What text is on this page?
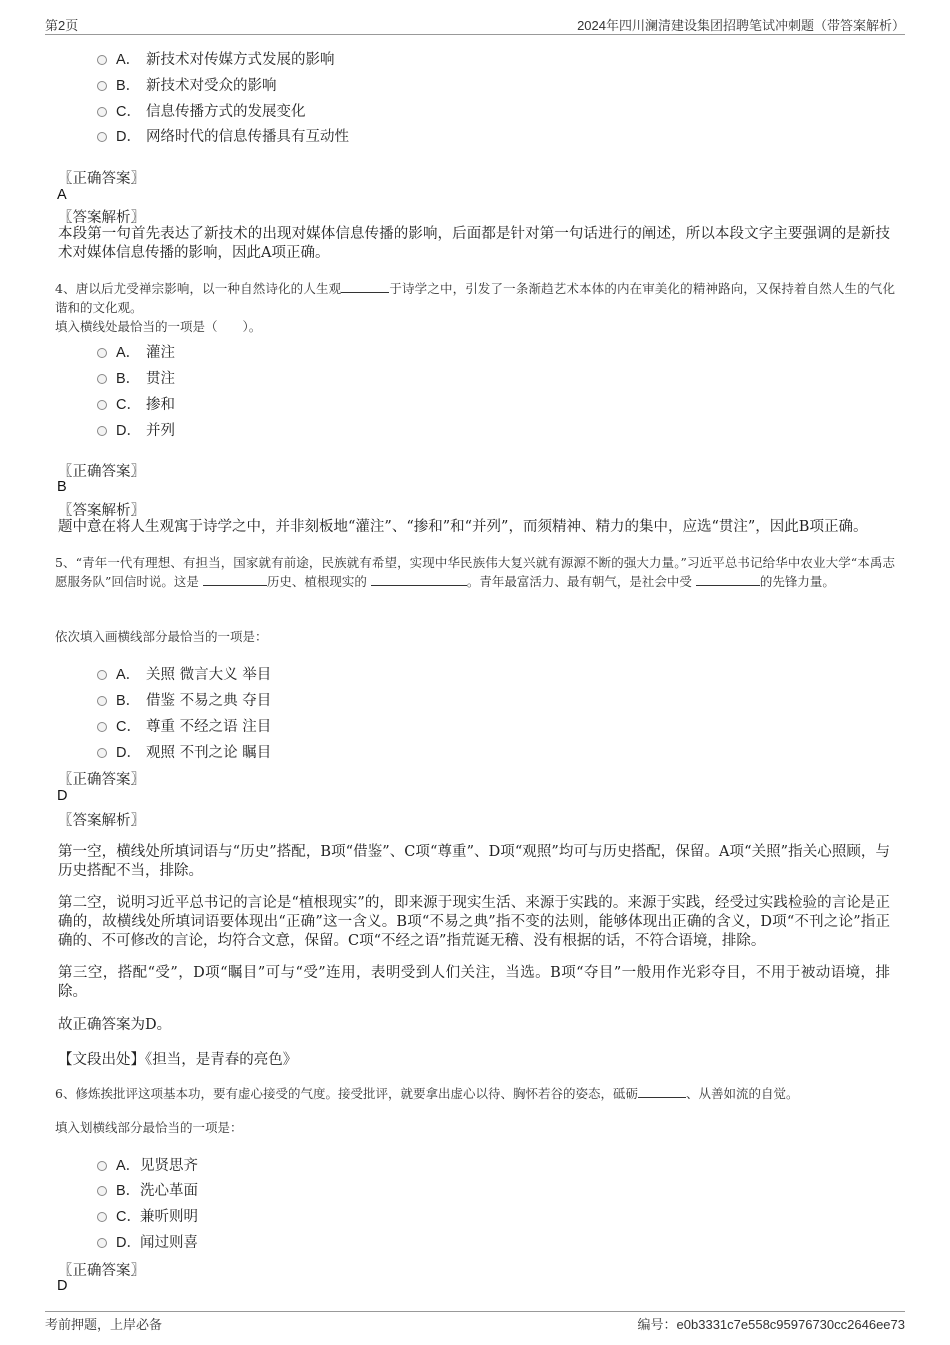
第2页	2024年四川澜清建设集团招聘笔试冲刺题（带答案解析）
A． 新技术对传媒方式发展的影响
B． 新技术对受众的影响
C． 信息传播方式的发展变化
D． 网络时代的信息传播具有互动性
〖正确答案〗
A
〖答案解析〗
本段第一句首先表达了新技术的出现对媒体信息传播的影响，后面都是针对第一句话进行的阐述，所以本段文字主要强调的是新技术对媒体信息传播的影响，因此A项正确。
4、唐以后尤受禅宗影响，以一种自然诗化的人生观	于诗学之中，引发了一条渐趋艺术本体的内在审美化的精神路向，又保持着自然人生的气化谐和的文化观。
填入横线处最恰当的一项是（　　）。
A． 灌注
B． 贯注
C． 掺和
D． 并列
〖正确答案〗
B
〖答案解析〗
题中意在将人生观寓于诗学之中，并非刻板地“灌注”、“掺和”和“并列”，而须精神、精力的集中，应选“贯注”，因此B项正确。
5、“青年一代有理想、有担当，国家就有前途，民族就有希望，实现中华民族伟大复兴就有源源不断的强大力量。”习近平总书记给华中农业大学“本禹志愿服务队”回信时说。这是	历史、植根现实的	。青年最富活力、最有朝气，是社会中受	的先锋力量。
依次填入画横线部分最恰当的一项是：
A． 关照 微言大义 举目
B． 借鉴 不易之典 夺目
C． 尊重 不经之语 注目
D． 观照 不刊之论 瞩目
〖正确答案〗
D
〖答案解析〗
第一空，横线处所填词语与“历史”搭配，B项“借鉴”、C项“尊重”、D项“观照”均可与历史搭配，保留。A项“关照”指关心照顾，与历史搭配不当，排除。
第二空，说明习近平总书记的言论是“植根现实”的，即来源于现实生活、来源于实践的。来源于实践，经受过实践检验的言论是正确的，故横线处所填词语要体现出“正确”这一含义。B项“不易之典”指不变的法则，能够体现出正确的含义，D项“不刊之论”指正确的、不可修改的言论，均符合文意，保留。C项“不经之语”指荒诞无稽、没有根据的话，不符合语境，排除。
第三空，搭配“受”，D项“瞩目”可与“受”连用，表明受到人们关注，当选。B项“夺目”一般用作光彩夺目，不用于被动语境，排除。
故正确答案为D。
【文段出处】《担当，是青春的亮色》
6、修炼挨批评这项基本功，要有虚心接受的气度。接受批评，就要拿出虚心以待、胸怀若谷的姿态，砥砺	、从善如流的自觉。
填入划横线部分最恰当的一项是：
A．见贤思齐
B．洗心革面
C．兼听则明
D．闻过则喜
〖正确答案〗
D
考前押题，上岸必备	编号：e0b3331c7e558c95976730cc2646ee73
